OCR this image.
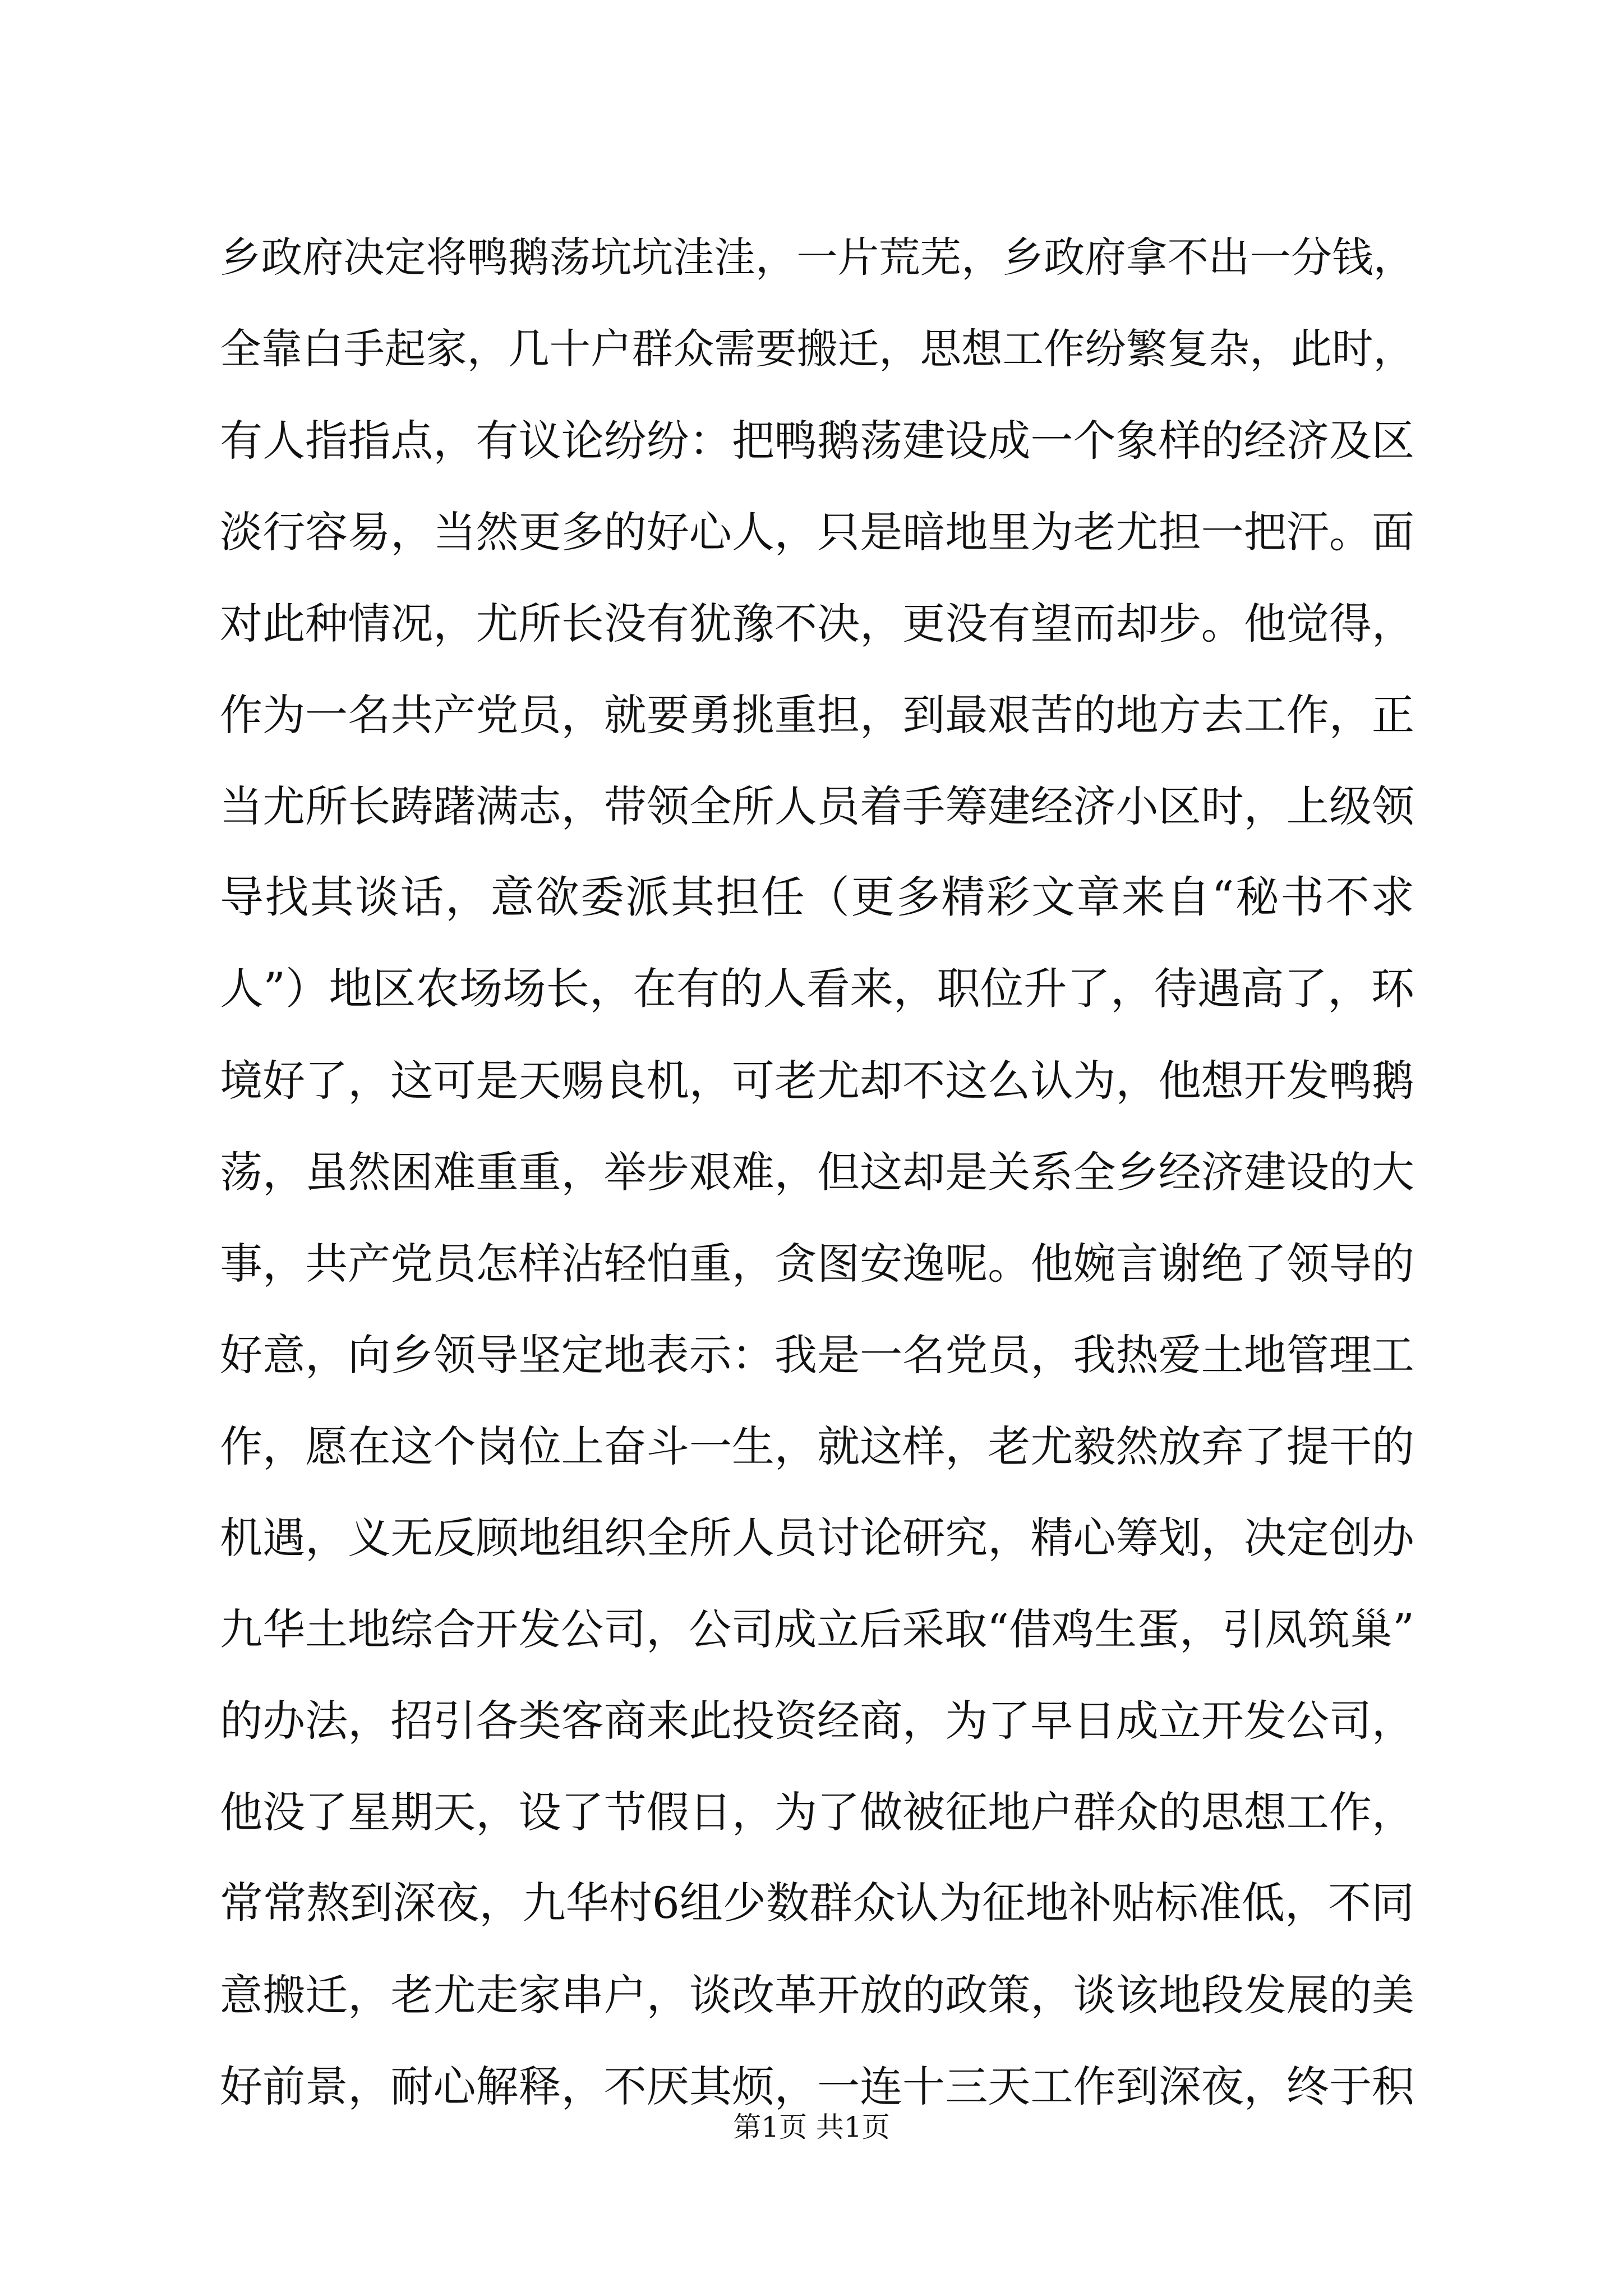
乡政府决定将鸭鹅荡坑坑洼洼，一片荒芜，乡政府拿不出一分钱，
全靠白手起家，几十户群众需要搬迁，思想工作纷繁复杂，此时，
有人指指点，有议论纷纷：把鸭鹅荡建设成一个象样的经济及区
淡行容易，当然更多的好心人，只是暗地里为老尤担一把汗。面
对此种情况，尤所长没有犹豫不决，更没有望而却步。他觉得，
作为一名共产党员，就要勇挑重担，到最艰苦的地方去工作，正
当尤所长踌躇满志，带领全所人员着手筹建经济小区时，上级领
导找其谈话，意欲委派其担任（更多精彩文章来自“秘书不求
人”）地区农场场长，在有的人看来，职位升了，待遇高了，环
境好了，这可是天赐良机，可老尤却不这么认为，他想开发鸭鹅
荡，虽然困难重重，举步艰难，但这却是关系全乡经济建设的大
事，共产党员怎样沾轻怕重，贪图安逸呢。他婉言谢绝了领导的
好意，向乡领导坚定地表示：我是一名党员，我热爱土地管理工
作，愿在这个岗位上奋斗一生，就这样，老尤毅然放弃了提干的
机遇，义无反顾地组织全所人员讨论研究，精心筹划，决定创办
九华土地综合开发公司，公司成立后采取“借鸡生蛋，引凤筑巢”
的办法，招引各类客商来此投资经商，为了早日成立开发公司，
他没了星期天，设了节假日，为了做被征地户群众的思想工作，
常常熬到深夜，九华村6组少数群众认为征地补贴标准低，不同
意搬迁，老尤走家串户，谈改革开放的政策，谈该地段发展的美
好前景，耐心解释，不厌其烦，一连十三天工作到深夜，终于积
第1页 共1页
